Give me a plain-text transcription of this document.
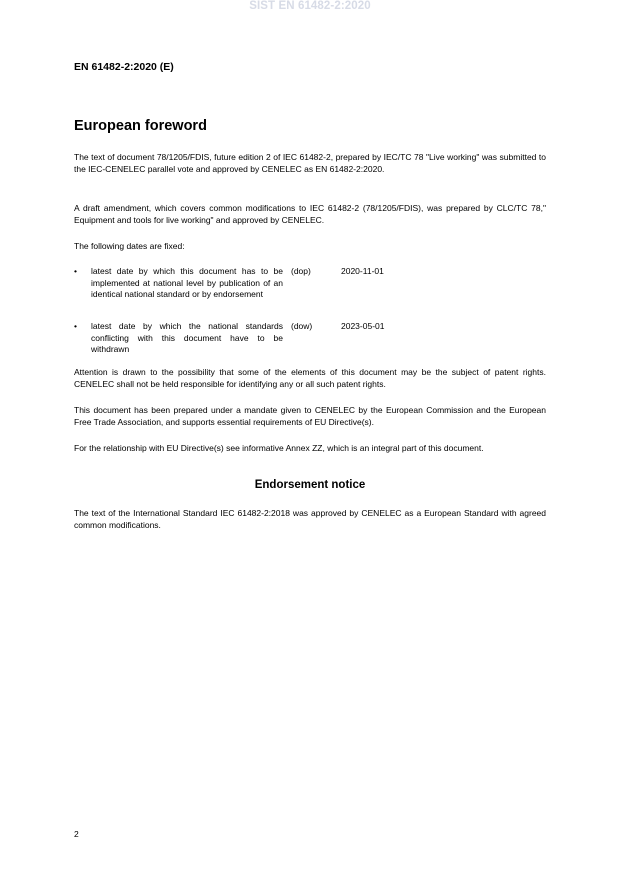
SIST EN 61482-2:2020
EN 61482-2:2020 (E)
European foreword
The text of document 78/1205/FDIS, future edition 2 of IEC 61482-2, prepared by IEC/TC 78 "Live working" was submitted to the IEC-CENELEC parallel vote and approved by CENELEC as EN 61482-2:2020.
A draft amendment, which covers common modifications to IEC 61482-2 (78/1205/FDIS), was prepared by CLC/TC 78," Equipment and tools for live working" and approved by CENELEC.
The following dates are fixed:
• latest date by which this document has to be implemented at national level by publication of an identical national standard or by endorsement
(dop)	2020-11-01
• latest date by which the national standards conflicting with this document have to be withdrawn
(dow)	2023-05-01
Attention is drawn to the possibility that some of the elements of this document may be the subject of patent rights. CENELEC shall not be held responsible for identifying any or all such patent rights.
This document has been prepared under a mandate given to CENELEC by the European Commission and the European Free Trade Association, and supports essential requirements of EU Directive(s).
For the relationship with EU Directive(s) see informative Annex ZZ, which is an integral part of this document.
Endorsement notice
The text of the International Standard IEC 61482-2:2018 was approved by CENELEC as a European Standard with agreed common modifications.
2
